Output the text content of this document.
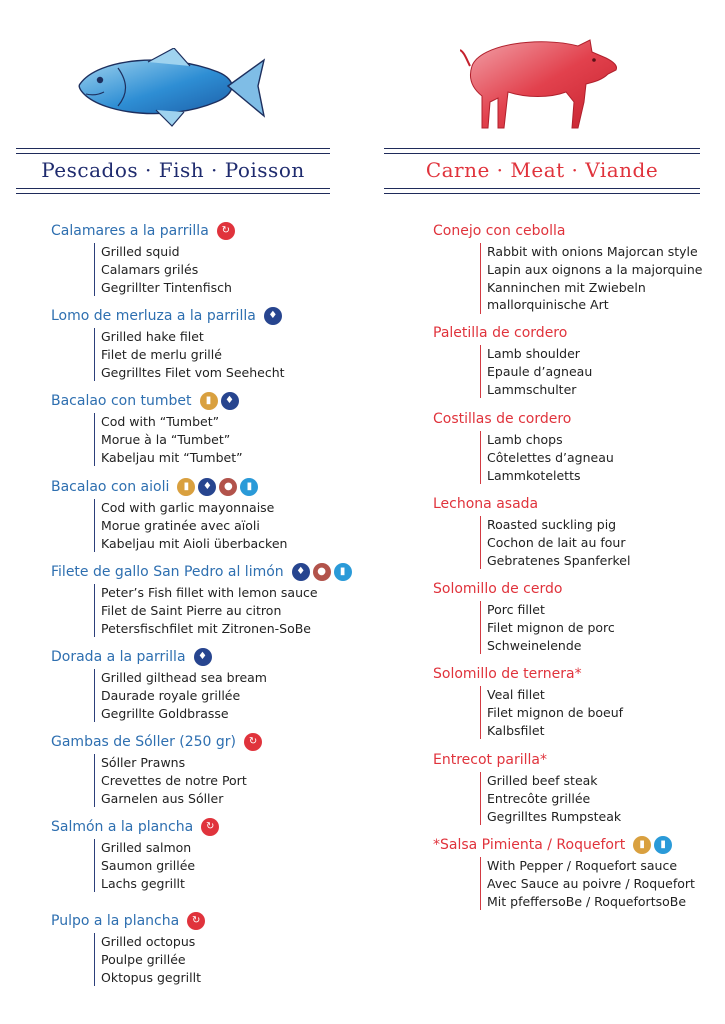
Pescados · Fish · Poisson
Calamares a la parrilla	↻
Grilled squid
Calamars grilés
Gegrillter Tintenfisch
Lomo de merluza a la parrilla	♦
Grilled hake filet
Filet de merlu grillé
Gegrilltes Filet vom Seehecht
Bacalao con tumbet	▮	♦
Cod with “Tumbet”
Morue à la “Tumbet”
Kabeljau mit “Tumbet”
Bacalao con aioli	▮	♦	●	▮
Cod with garlic mayonnaise
Morue gratinée avec aïoli
Kabeljau mit Aioli überbacken
Filete de gallo San Pedro al limón	♦	●	▮
Peter’s Fish fillet with lemon sauce
Filet de Saint Pierre au citron
Petersfischfilet mit Zitronen-SoBe
Dorada a la parrilla	♦
Grilled gilthead sea bream
Daurade royale grillée
Gegrillte Goldbrasse
Gambas de Sóller (250 gr)	↻
Sóller Prawns
Crevettes de notre Port
Garnelen aus Sóller
Salmón a la plancha	↻
Grilled salmon
Saumon grillée
Lachs gegrillt
Pulpo a la plancha	↻
Grilled octopus
Poulpe grillée
Oktopus gegrillt
Carne · Meat · Viande
Conejo con cebolla
Rabbit with onions Majorcan style
Lapin aux oignons a la majorquine
Kanninchen mit Zwiebeln
mallorquinische Art
Paletilla de cordero
Lamb shoulder
Epaule d’agneau
Lammschulter
Costillas de cordero
Lamb chops
Côtelettes d’agneau
Lammkoteletts
Lechona asada
Roasted suckling pig
Cochon de lait au four
Gebratenes Spanferkel
Solomillo de cerdo
Porc fillet
Filet mignon de porc
Schweinelende
Solomillo de ternera*
Veal fillet
Filet mignon de boeuf
Kalbsfilet
Entrecot parilla*
Grilled beef steak
Entrecôte grillée
Gegrilltes Rumpsteak
*Salsa Pimienta / Roquefort	▮	▮
With Pepper / Roquefort sauce
Avec Sauce au poivre / Roquefort
Mit pfeffersoBe / RoquefortsoBe
